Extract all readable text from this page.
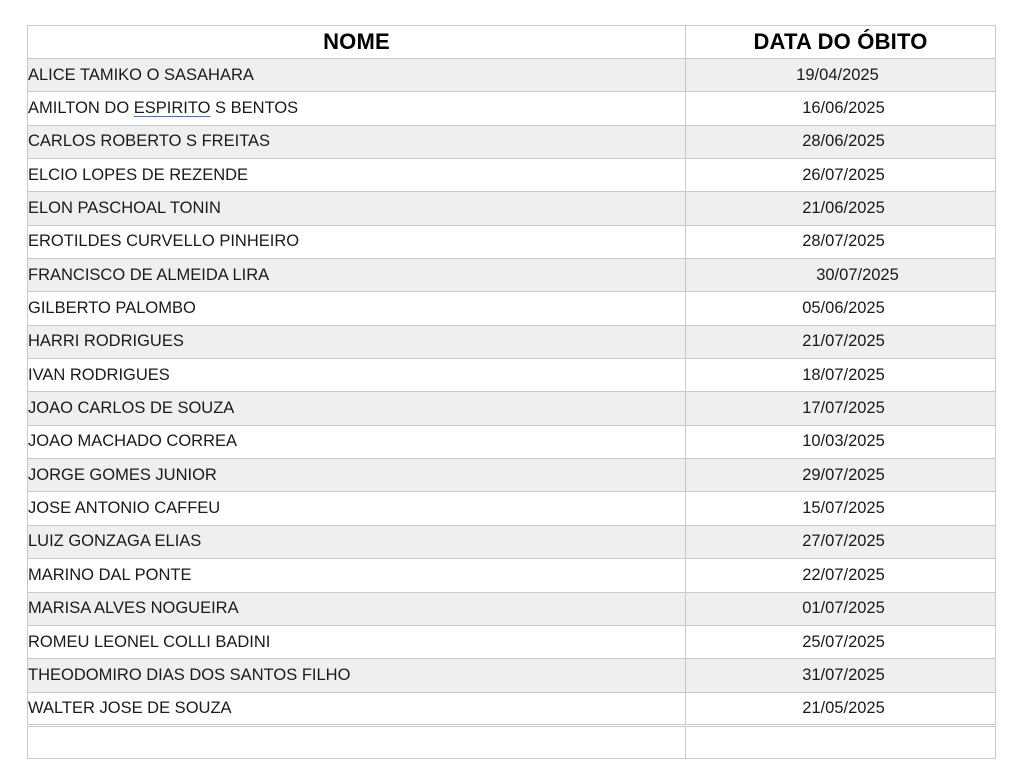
NOME	DATA DO ÓBITO
ALICE TAMIKO O SASAHARA	19/04/2025
AMILTON DO ESPIRITO S BENTOS	16/06/2025
CARLOS ROBERTO S FREITAS	28/06/2025
ELCIO LOPES DE REZENDE	26/07/2025
ELON PASCHOAL TONIN	21/06/2025
EROTILDES CURVELLO PINHEIRO	28/07/2025
FRANCISCO DE ALMEIDA LIRA	30/07/2025
GILBERTO PALOMBO	05/06/2025
HARRI RODRIGUES	21/07/2025
IVAN RODRIGUES	18/07/2025
JOAO CARLOS DE SOUZA	17/07/2025
JOAO MACHADO CORREA	10/03/2025
JORGE GOMES JUNIOR	29/07/2025
JOSE ANTONIO CAFFEU	15/07/2025
LUIZ GONZAGA ELIAS	27/07/2025
MARINO DAL PONTE	22/07/2025
MARISA ALVES NOGUEIRA	01/07/2025
ROMEU LEONEL COLLI BADINI	25/07/2025
THEODOMIRO DIAS DOS SANTOS FILHO	31/07/2025
WALTER JOSE DE SOUZA	21/05/2025
